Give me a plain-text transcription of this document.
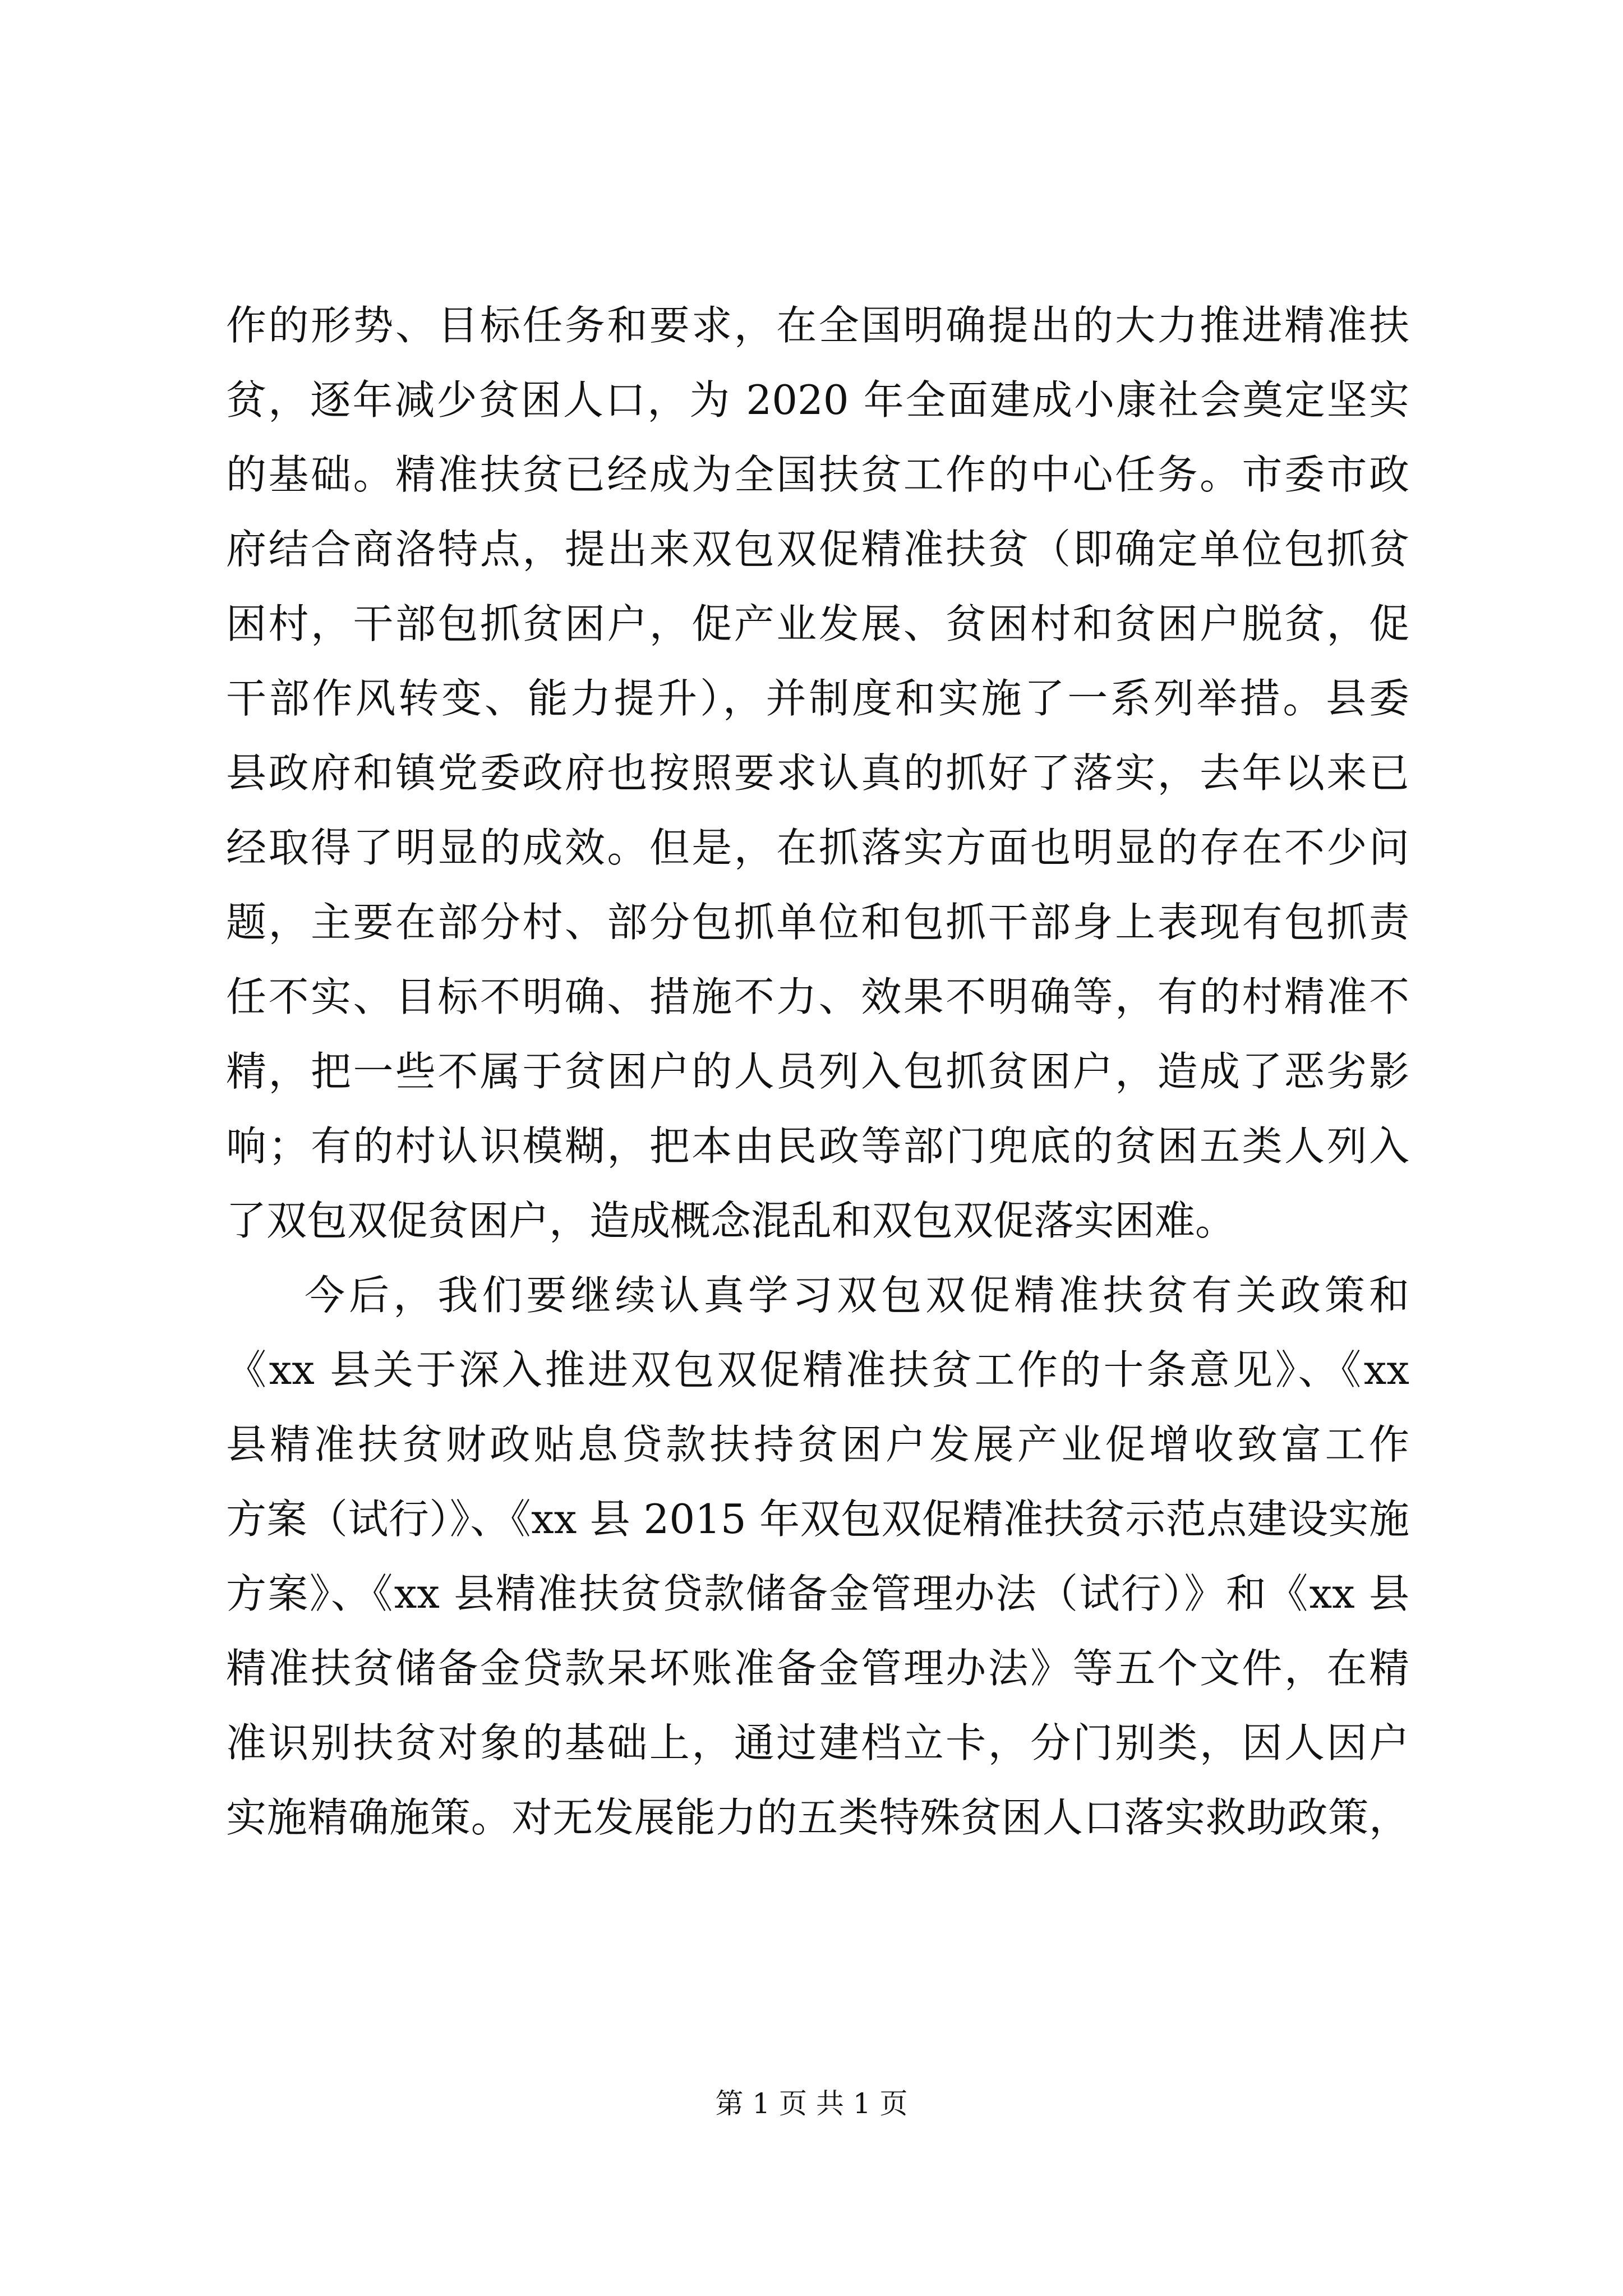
作的形势、目标任务和要求，在全国明确提出的大力推进精准扶
贫，逐年减少贫困人口，为 2020 年全面建成小康社会奠定坚实
的基础。精准扶贫已经成为全国扶贫工作的中心任务。市委市政
府结合商洛特点，提出来双包双促精准扶贫（即确定单位包抓贫
困村，干部包抓贫困户，促产业发展、贫困村和贫困户脱贫，促
干部作风转变、能力提升），并制度和实施了一系列举措。县委
县政府和镇党委政府也按照要求认真的抓好了落实，去年以来已
经取得了明显的成效。但是，在抓落实方面也明显的存在不少问
题，主要在部分村、部分包抓单位和包抓干部身上表现有包抓责
任不实、目标不明确、措施不力、效果不明确等，有的村精准不
精，把一些不属于贫困户的人员列入包抓贫困户，造成了恶劣影
响；有的村认识模糊，把本由民政等部门兜底的贫困五类人列入
了双包双促贫困户，造成概念混乱和双包双促落实困难。
今后，我们要继续认真学习双包双促精准扶贫有关政策和
《xx 县关于深入推进双包双促精准扶贫工作的十条意见》、《xx
县精准扶贫财政贴息贷款扶持贫困户发展产业促增收致富工作
方案（试行）》、《xx 县 2015 年双包双促精准扶贫示范点建设实施
方案》、《xx 县精准扶贫贷款储备金管理办法（试行）》和《xx 县
精准扶贫储备金贷款呆坏账准备金管理办法》等五个文件，在精
准识别扶贫对象的基础上，通过建档立卡，分门别类，因人因户
实施精确施策。对无发展能力的五类特殊贫困人口落实救助政策，
第 1 页 共 1 页
